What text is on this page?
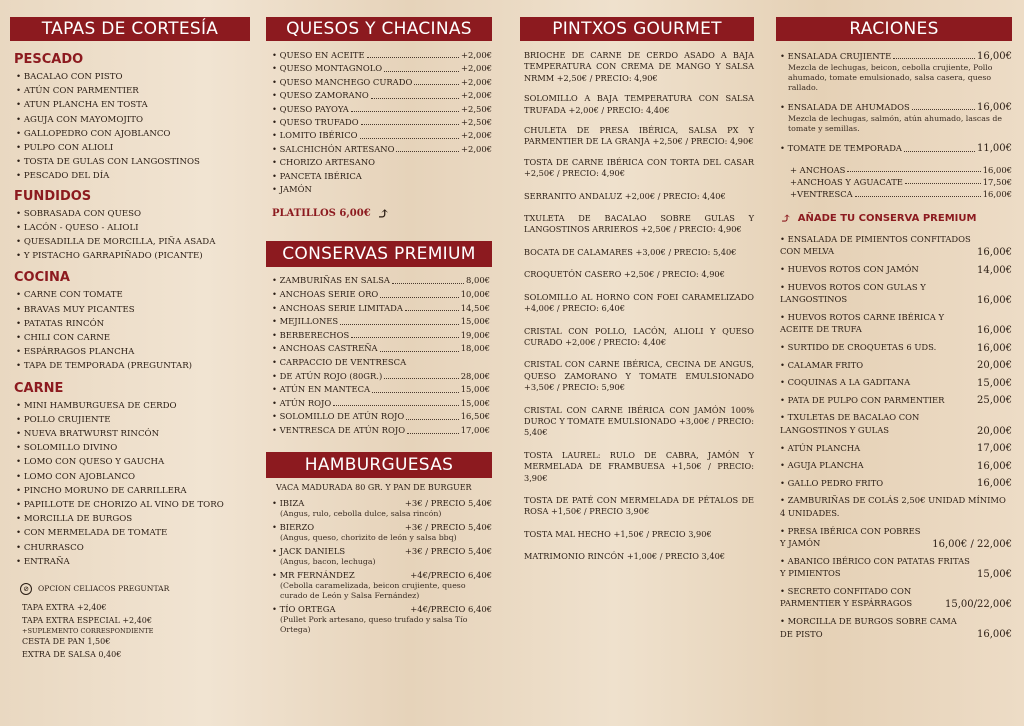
TAPAS DE CORTESÍA
PESCADO
• BACALAO CON PISTO
• ATÚN CON PARMENTIER
• ATUN PLANCHA EN TOSTA
• AGUJA CON MAYOMOJITO
• GALLOPEDRO CON AJOBLANCO
• PULPO CON ALIOLI
• TOSTA DE GULAS CON LANGOSTINOS
• PESCADO DEL DÍA
FUNDIDOS
• SOBRASADA CON QUESO
• LACÓN - QUESO - ALIOLI
• QUESADILLA DE MORCILLA, PIÑA ASADA
• Y PISTACHO GARRAPIÑADO (PICANTE)
COCINA
• CARNE CON TOMATE
• BRAVAS MUY PICANTES
• PATATAS RINCÓN
• CHILI CON CARNE
• ESPÁRRAGOS PLANCHA
• TAPA DE TEMPORADA (PREGUNTAR)
CARNE
• MINI HAMBURGUESA DE CERDO
• POLLO CRUJIENTE
• NUEVA BRATWURST RINCÓN
• SOLOMILLO DIVINO
• LOMO CON QUESO Y GAUCHA
• LOMO CON AJOBLANCO
• PINCHO MORUNO DE CARRILLERA
• PAPILLOTE DE CHORIZO AL VINO DE TORO
• MORCILLA DE BURGOS
• CON MERMELADA DE TOMATE
• CHURRASCO
• ENTRAÑA
⊘	OPCION CELIACOS PREGUNTAR
TAPA EXTRA +2,40€
TAPA EXTRA ESPECIAL +2,40€
+SUPLEMENTO CORRESPONDIENTE
CESTA DE PAN 1,50€
EXTRA DE SALSA 0,40€
QUESOS Y CHACINAS
• QUESO EN ACEITE	+2,00€
• QUESO MONTAGNOLO	+2,00€
• QUESO MANCHEGO CURADO	+2,00€
• QUESO ZAMORANO	+2,00€
• QUESO PAYOYA	+2,50€
• QUESO TRUFADO	+2,50€
• LOMITO IBÉRICO	+2,00€
• SALCHICHÓN ARTESANO	+2,00€
• CHORIZO ARTESANO
• PANCETA IBÉRICA
• JAMÓN
PLATILLOS 6,00€ ⤴
CONSERVAS PREMIUM
• ZAMBURIÑAS EN SALSA	8,00€
• ANCHOAS SERIE ORO	10,00€
• ANCHOAS SERIE LIMITADA	14,50€
• MEJILLONES	15,00€
• BERBERECHOS	19,00€
• ANCHOAS CASTREÑA	18,00€
• CARPACCIO DE VENTRESCA
• DE ATÚN ROJO (80GR.)	28,00€
• ATÚN EN MANTECA	15,00€
• ATÚN ROJO	15,00€
• SOLOMILLO DE ATÚN ROJO	16,50€
• VENTRESCA DE ATÚN ROJO	17,00€
HAMBURGUESAS
VACA MADURADA 80 GR. Y PAN DE BURGUER
• IBIZA	+3€ / PRECIO 5,40€
(Angus, rulo, cebolla dulce, salsa rincón)
• BIERZO	+3€ / PRECIO 5,40€
(Angus, queso, chorizito de león y salsa bbq)
• JACK DANIELS	+3€ / PRECIO 5,40€
(Angus, bacon, lechuga)
• MR FERNÁNDEZ	+4€/PRECIO 6,40€
(Cebolla caramelizada, beicon crujiente, queso curado de León y Salsa Fernández)
• TÍO ORTEGA	+4€/PRECIO 6,40€
(Pullet Pork artesano, queso trufado y salsa Tío Ortega)
PINTXOS GOURMET
BRIOCHE DE CARNE DE CERDO ASADO A BAJA TEMPERATURA CON CREMA DE MANGO Y SALSA NRMM +2,50€ / PRECIO: 4,90€
SOLOMILLO A BAJA TEMPERATURA CON SALSA TRUFADA +2,00€ / PRECIO: 4,40€
CHULETA DE PRESA IBÉRICA, SALSA PX Y PARMENTIER DE LA GRANJA +2,50€ / PRECIO: 4,90€
TOSTA DE CARNE IBÉRICA CON TORTA DEL CASAR +2,50€ / PRECIO: 4,90€
SERRANITO ANDALUZ +2,00€ / PRECIO: 4,40€
TXULETA DE BACALAO SOBRE GULAS Y LANGOSTINOS ARRIEROS +2,50€ / PRECIO: 4,90€
BOCATA DE CALAMARES +3,00€ / PRECIO: 5,40€
CROQUETÓN CASERO +2,50€ / PRECIO: 4,90€
SOLOMILLO AL HORNO CON FOEI CARAMELIZADO +4,00€ / PRECIO: 6,40€
CRISTAL CON POLLO, LACÓN, ALIOLI Y QUESO CURADO +2,00€ / PRECIO: 4,40€
CRISTAL CON CARNE IBÉRICA, CECINA DE ANGUS, QUESO ZAMORANO Y TOMATE EMULSIONADO +3,50€ / PRECIO: 5,90€
CRISTAL CON CARNE IBÉRICA CON JAMÓN 100% DUROC Y TOMATE EMULSIONADO +3,00€ / PRECIO: 5,40€
TOSTA LAUREL: RULO DE CABRA, JAMÓN Y MERMELADA DE FRAMBUESA +1,50€ / PRECIO: 3,90€
TOSTA DE PATÉ CON MERMELADA DE PÉTALOS DE ROSA +1,50€ / PRECIO 3,90€
TOSTA MAL HECHO +1,50€ / PRECIO 3,90€
MATRIMONIO RINCÓN +1,00€ / PRECIO 3,40€
RACIONES
• ENSALADA CRUJIENTE	16,00€
Mezcla de lechugas, beicon, cebolla crujiente, Pollo ahumado, tomate emulsionado, salsa casera, queso rallado.
• ENSALADA DE AHUMADOS	16,00€
Mezcla de lechugas, salmón, atún ahumado, lascas de tomate y semillas.
• TOMATE DE TEMPORADA	11,00€
+ ANCHOAS	16,00€
+ANCHOAS Y AGUACATE	17,50€
+VENTRESCA	16,00€
⤴ AÑADE TU CONSERVA PREMIUM
• ENSALADA DE PIMIENTOS CONFITADOS CON MELVA	16,00€
• HUEVOS ROTOS CON JAMÓN	14,00€
• HUEVOS ROTOS CON GULAS Y LANGOSTINOS	16,00€
• HUEVOS ROTOS CARNE IBÉRICA Y ACEITE DE TRUFA	16,00€
• SURTIDO DE CROQUETAS 6 UDS.	16,00€
• CALAMAR FRITO	20,00€
• COQUINAS A LA GADITANA	15,00€
• PATA DE PULPO CON PARMENTIER	25,00€
• TXULETAS DE BACALAO CON LANGOSTINOS Y GULAS	20,00€
• ATÚN PLANCHA	17,00€
• AGUJA PLANCHA	16,00€
• GALLO PEDRO FRITO	16,00€
• ZAMBURIÑAS DE COLÁS 2,50€ UNIDAD MÍNIMO 4 UNIDADES.
• PRESA IBÉRICA CON POBRES Y JAMÓN	16,00€ / 22,00€
• ABANICO IBÉRICO CON PATATAS FRITAS Y PIMIENTOS	15,00€
• SECRETO CONFITADO CON PARMENTIER Y ESPÁRRAGOS	15,00/22,00€
• MORCILLA DE BURGOS SOBRE CAMA DE PISTO	16,00€
